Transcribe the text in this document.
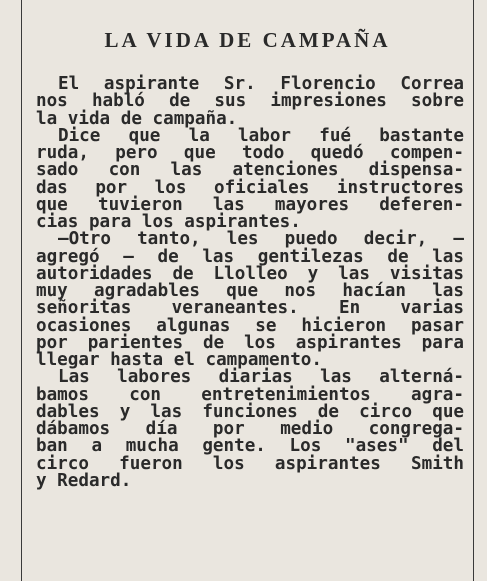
LA VIDA DE CAMPAÑA

El aspirante Sr. Florencio Correa
nos habló de sus impresiones sobre
la vida de campaña.

Dice que la labor fué bastante
ruda, pero que todo quedó compen-
sado con las atenciones dispensa-
das por los oficiales instructores
que tuvieron las mayores deferen-
cias para los aspirantes.

—Otro tanto, les puedo decir, —
agregó — de las gentilezas de las
autoridades de Llolleo y las visitas
muy agradables que nos hacían las
señoritas veraneantes. En varias
ocasiones algunas se hicieron pasar
por parientes de los aspirantes para
llegar hasta el campamento.

Las labores diarias las alterná-
bamos con entretenimientos agra-
dables y las funciones de circo que
dábamos día por medio congrega-
ban a mucha gente. Los "ases" del
circo fueron los aspirantes Smith
y Redard.
